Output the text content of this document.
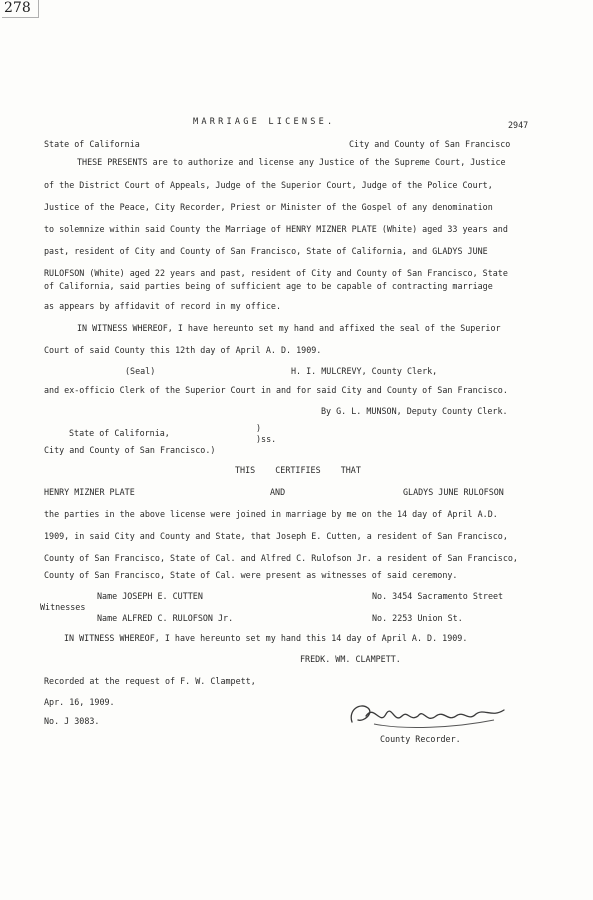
278
MARRIAGE LICENSE.	2947
State of California	City and County of San Francisco
THESE PRESENTS are to authorize and license any Justice of the Supreme Court, Justice
of the District Court of Appeals, Judge of the Superior Court, Judge of the Police Court,
Justice of the Peace, City Recorder, Priest or Minister of the Gospel of any denomination
to solemnize within said County the Marriage of HENRY MIZNER PLATE (White) aged 33 years and
past, resident of City and County of San Francisco, State of California, and GLADYS JUNE
RULOFSON (White) aged 22 years and past, resident of City and County of San Francisco, State
of California, said parties being of sufficient age to be capable of contracting marriage
as appears by affidavit of record in my office.
IN WITNESS WHEREOF, I have hereunto set my hand and affixed the seal of the Superior
Court of said County this 12th day of April A. D. 1909.
(Seal)	H. I. MULCREVY, County Clerk,
and ex-officio Clerk of the Superior Court in and for said City and County of San Francisco.
By G. L. MUNSON, Deputy County Clerk.
State of California,	)
)ss.
City and County of San Francisco.)
THIS  CERTIFIES  THAT
HENRY MIZNER PLATE	AND	GLADYS JUNE RULOFSON
the parties in the above license were joined in marriage by me on the 14 day of April A.D.
1909, in said City and County and State, that Joseph E. Cutten, a resident of San Francisco,
County of San Francisco, State of Cal. and Alfred C. Rulofson Jr. a resident of San Francisco,
County of San Francisco, State of Cal. were present as witnesses of said ceremony.
Name JOSEPH E. CUTTEN	No. 3454 Sacramento Street
Witnesses
Name ALFRED C. RULOFSON Jr.	No. 2253 Union St.
IN WITNESS WHEREOF, I have hereunto set my hand this 14 day of April A. D. 1909.
FREDK. WM. CLAMPETT.
Recorded at the request of F. W. Clampett,
Apr. 16, 1909.
No. J 3083.
County Recorder.
